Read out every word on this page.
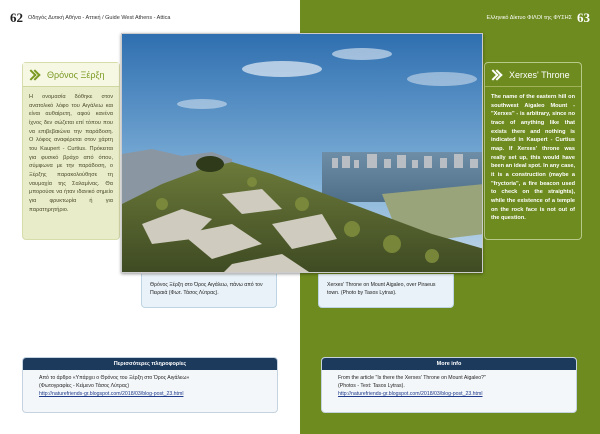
62 Οδηγός Δυτική Αθήνα - Αττική / Guide West Athens - Attica
Θρόνος Ξέρξη
Η ονομασία δόθηκε στον ανατολικό λόφο του Αιγάλεω και είναι αυθαίρετη, αφού κανένα ίχνος δεν σώζεται επί τόπου που να επιβεβαιώνει την παράδοση. Ο λόφος αναφέρεται στον χάρτη του Kaupert - Curtius. Πρόκειται για φυσικό βράχο από όπου, σύμφωνα με την παράδοση, ο Ξέρξης παρακολούθησε τη ναυμαχία της Σαλαμίνας. Θα μπορούσε να ήταν ιδανικό σημείο για φρυκτωρία ή για παρατηρητήριο.
Ελληνικό Δίκτυο ΦΙΛΟΙ της ΦΥΣΗΣ 63
Xerxes' Throne
The name of the eastern hill on southwest Aigaleo Mount - "Xerxes" - is arbitrary, since no trace of anything like that exists there and nothing is indicated in Kaupert - Curtius map. If Xerxes' throne was really set up, this would have been an ideal spot. In any case, it is a construction (maybe a "fryctoria", a fire beacon used to check on the straights), while the existence of a temple on the rock face is not out of the question.
Θρόνος Ξέρξη στο Όρος Αιγάλεω, πάνω από τον Πειραιά (Φωτ. Τάσος Λύτρας).
Xerxes' Throne on Mount Aigaleo, over Piraeus town. (Photo by Tasos Lytras).
Περισσότερες πληροφορίες
Από το άρθρο «Υπάρχει ο Θρόνος του Ξέρξη στο Όρος Αιγάλεω»
(Φωτογραφίες - Κείμενο Τάσος Λύτρας)
http://naturefriends-gr.blogspot.com/2018/03/blog-post_23.html
More info
From the article "Is there the Xerxes' Throne on Mount Aigaleo?"
(Photos - Text: Tasos Lytras).
http://naturefriends-gr.blogspot.com/2018/03/blog-post_23.html
